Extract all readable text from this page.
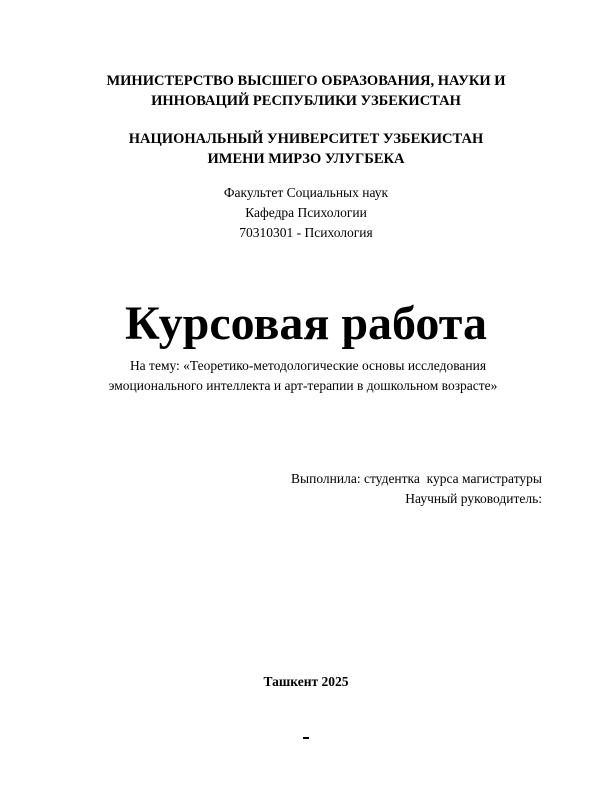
МИНИСТЕРСТВО ВЫСШЕГО ОБРАЗОВАНИЯ, НАУКИ И
ИННОВАЦИЙ РЕСПУБЛИКИ УЗБЕКИСТАН
НАЦИОНАЛЬНЫЙ УНИВЕРСИТЕТ УЗБЕКИСТАН
ИМЕНИ МИРЗО УЛУГБЕКА
Факультет Социальных наук
Кафедра Психологии
70310301 - Психология
Курсовая работа
На тему: «Теоретико-методологические основы исследования
эмоционального интеллекта и арт-терапии в дошкольном возрасте»
Выполнила: студентка  курса магистратуры
Научный руководитель:
Ташкент 2025
